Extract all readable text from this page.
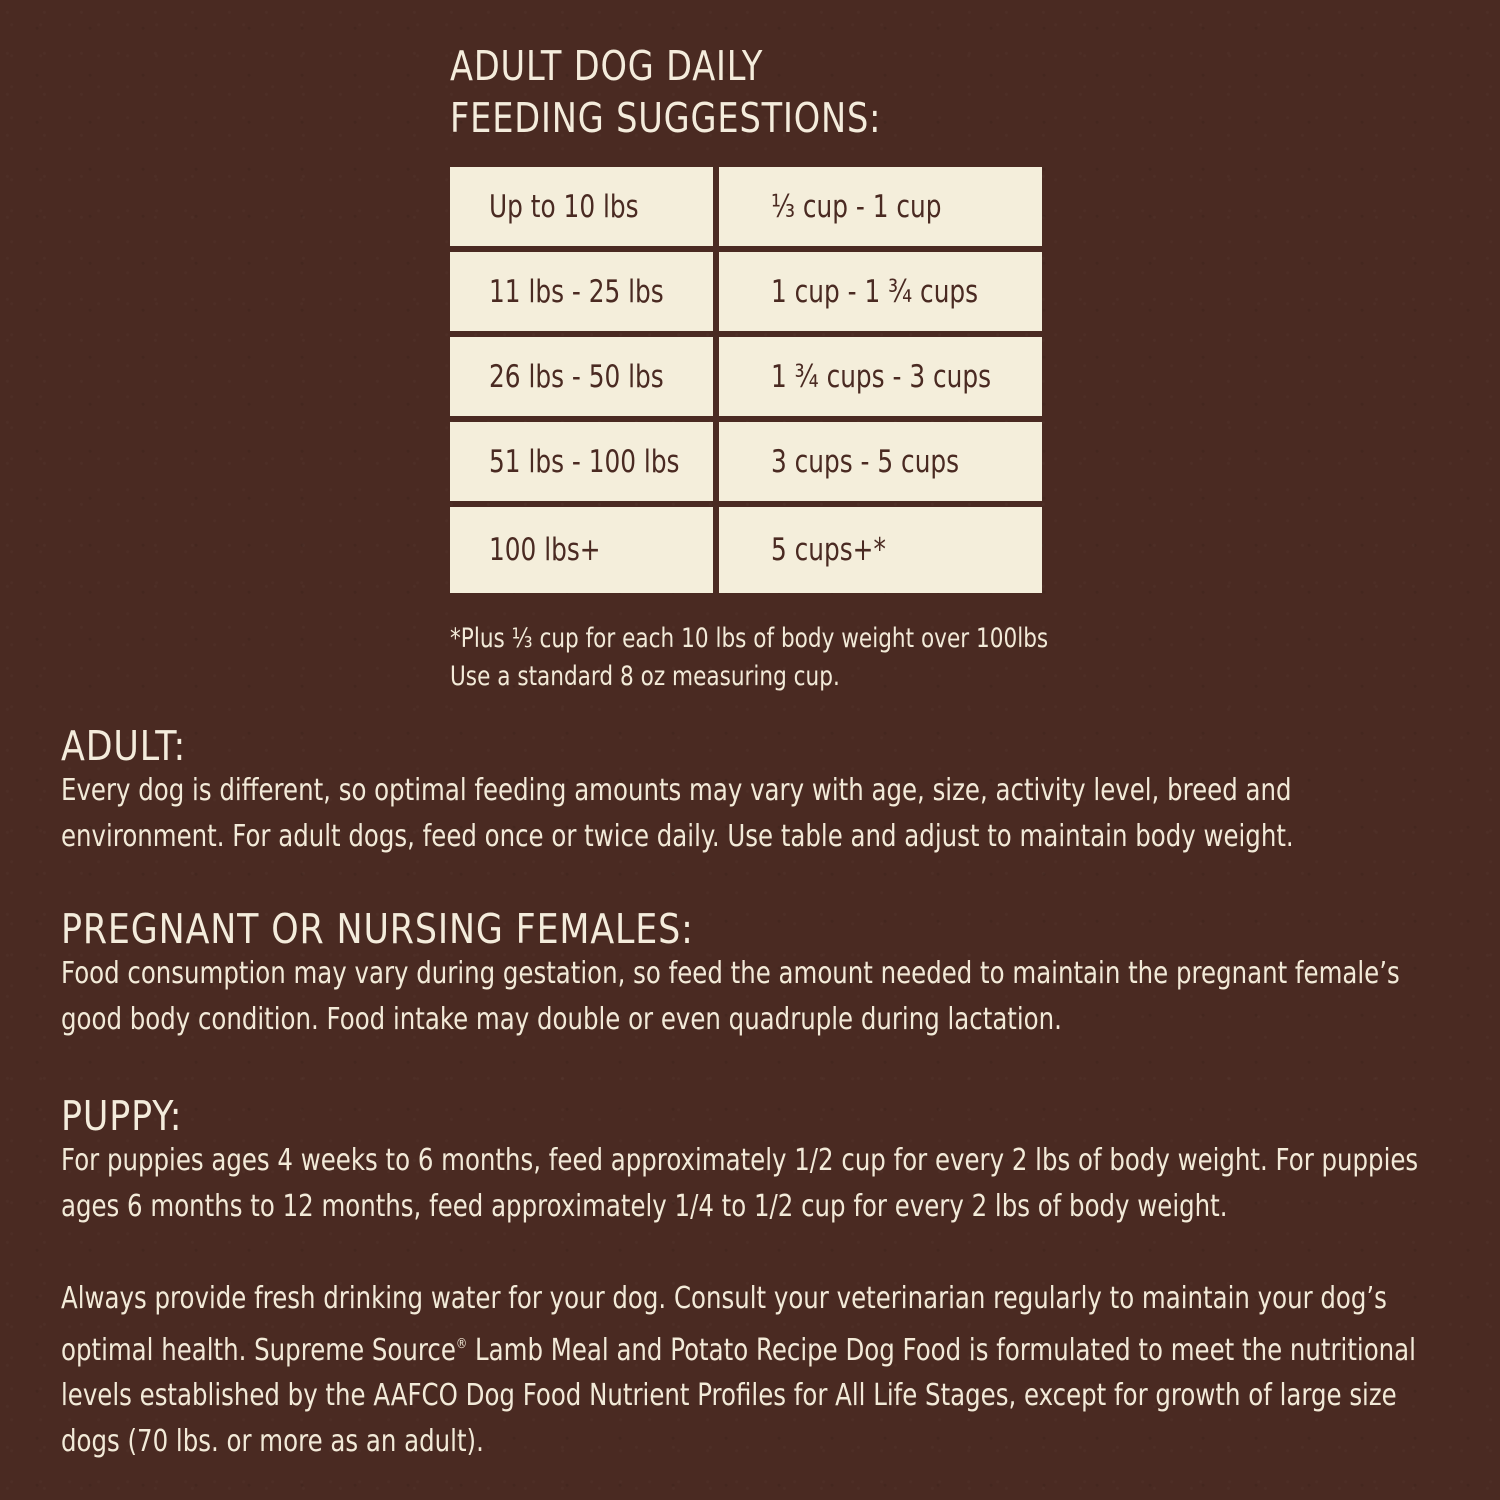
ADULT DOG DAILY
FEEDING SUGGESTIONS:
Up to 10 lbs	⅓ cup - 1 cup
11 lbs - 25 lbs	1 cup - 1 ¾ cups
26 lbs - 50 lbs	1 ¾ cups - 3 cups
51 lbs - 100 lbs	3 cups - 5 cups
100 lbs+	5 cups+*
*Plus ⅓ cup for each 10 lbs of body weight over 100lbs
Use a standard 8 oz measuring cup.
ADULT:
Every dog is different, so optimal feeding amounts may vary with age, size, activity level, breed and environment. For adult dogs, feed once or twice daily. Use table and adjust to maintain body weight.
PREGNANT OR NURSING FEMALES:
Food consumption may vary during gestation, so feed the amount needed to maintain the pregnant female’s good body condition. Food intake may double or even quadruple during lactation.
PUPPY:
For puppies ages 4 weeks to 6 months, feed approximately 1/2 cup for every 2 lbs of body weight. For puppies ages 6 months to 12 months, feed approximately 1/4 to 1/2 cup for every 2 lbs of body weight.
Always provide fresh drinking water for your dog. Consult your veterinarian regularly to maintain your dog’s optimal health. Supreme Source® Lamb Meal and Potato Recipe Dog Food is formulated to meet the nutritional levels established by the AAFCO Dog Food Nutrient Profiles for All Life Stages, except for growth of large size dogs (70 lbs. or more as an adult).
